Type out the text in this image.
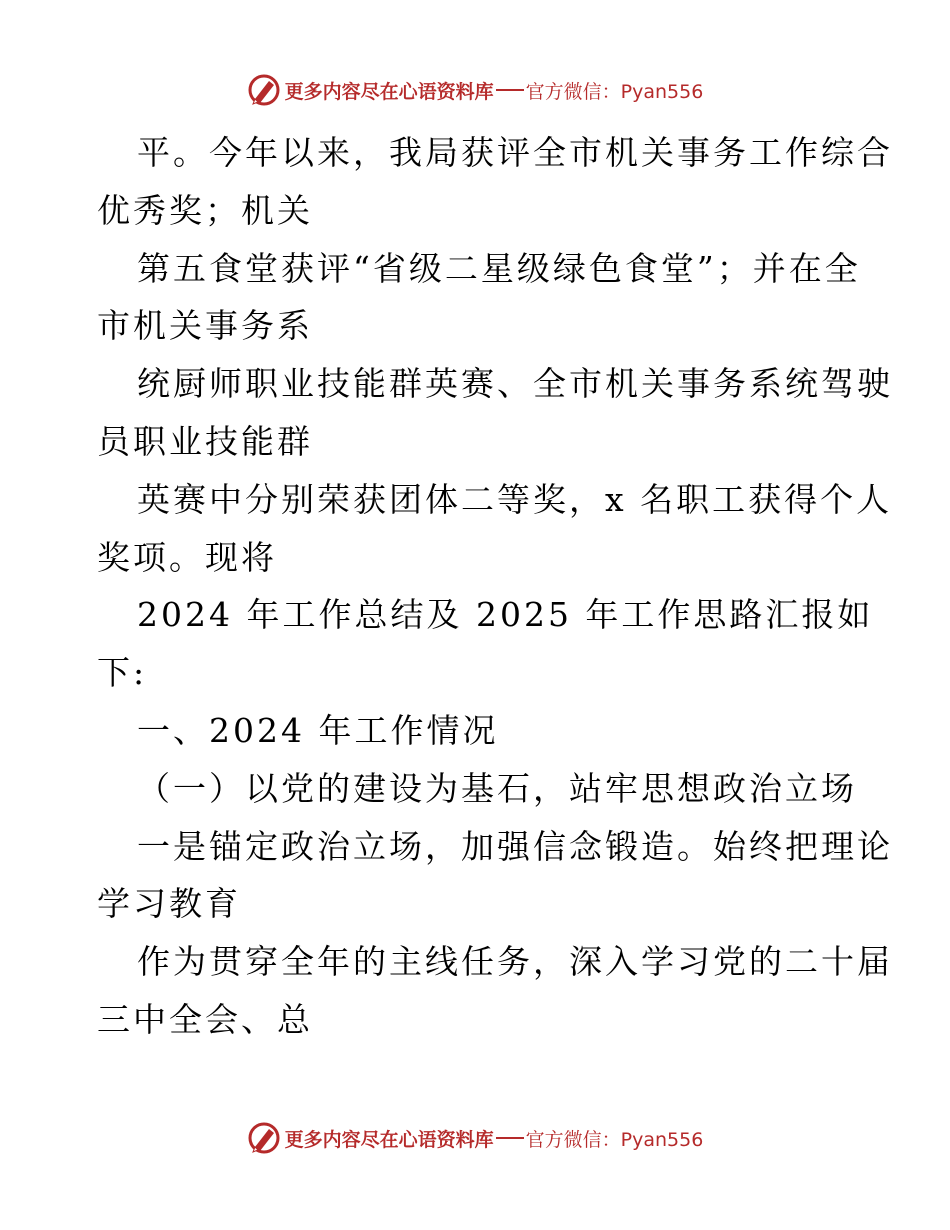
更多内容尽在心语资料库 官方微信：Pyan556
平。今年以来，我局获评全市机关事务工作综合
优秀奖；机关
第五食堂获评“省级二星级绿色食堂”；并在全
市机关事务系
统厨师职业技能群英赛、全市机关事务系统驾驶
员职业技能群
英赛中分别荣获团体二等奖，x 名职工获得个人
奖项。现将
2024 年工作总结及 2025 年工作思路汇报如
下:
一、2024 年工作情况
（一）以党的建设为基石，站牢思想政治立场
一是锚定政治立场，加强信念锻造。始终把理论
学习教育
作为贯穿全年的主线任务，深入学习党的二十届
三中全会、总
更多内容尽在心语资料库 官方微信：Pyan556
